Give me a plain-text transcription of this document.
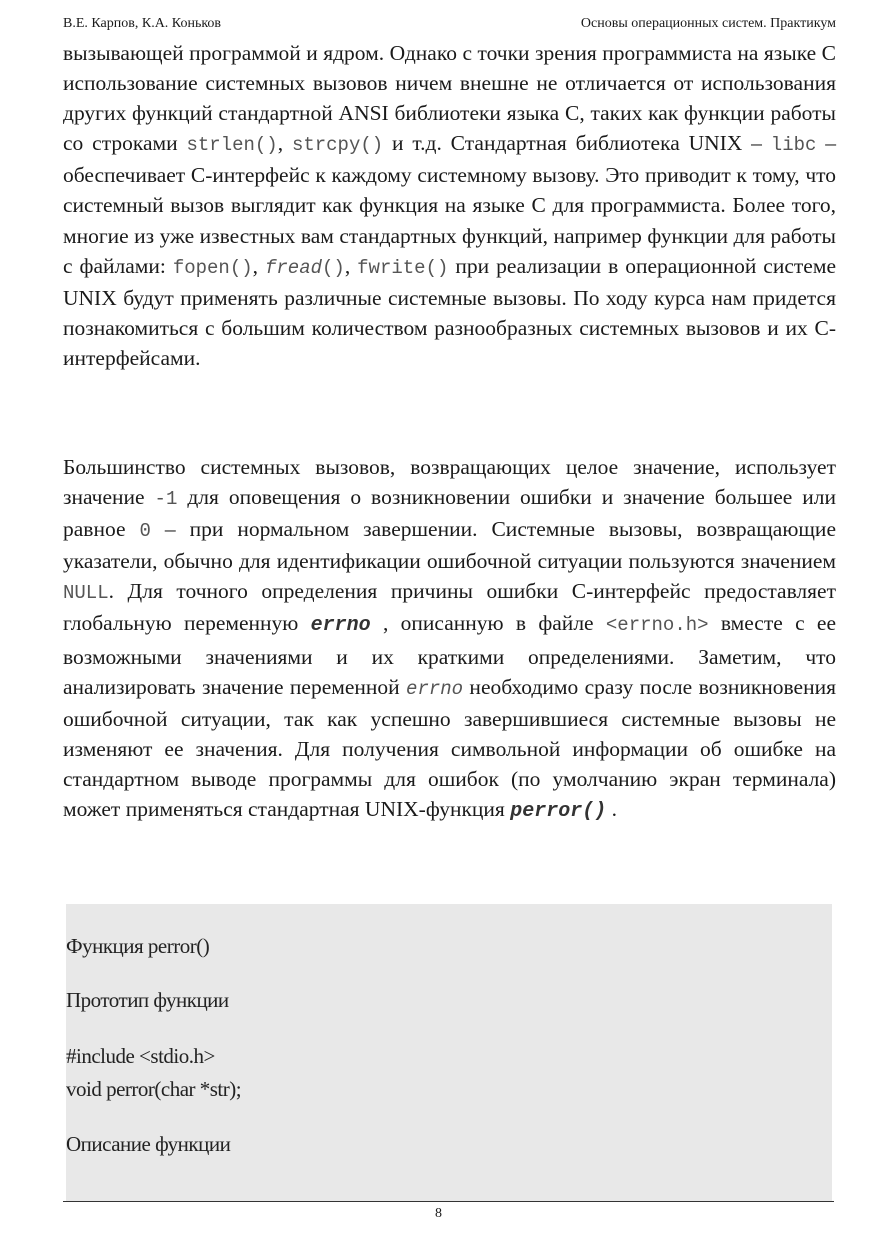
В.Е. Карпов, К.А. Коньков	Основы операционных систем. Практикум

вызывающей программой и ядром. Однако с точки зрения программиста на языке С использование системных вызовов ничем внешне не отличается от использования других функций стандартной ANSI библиотеки языка С, таких как функции работы со строками strlen(), strcpy() и т.д. Стандартная библиотека UNIX – libc – обеспечивает С-интерфейс к каждому системному вызову. Это приводит к тому, что системный вызов выглядит как функция на языке С для программиста. Более того, многие из уже известных вам стандартных функций, например функции для работы с файлами: fopen(), fread(), fwrite() при реализации в операционной системе UNIX будут применять различные системные вызовы. По ходу курса нам придется познакомиться с большим количеством разнообразных системных вызовов и их С-интерфейсами.

Большинство системных вызовов, возвращающих целое значение, использует значение -1 для оповещения о возникновении ошибки и значение большее или равное 0 – при нормальном завершении. Системные вызовы, возвращающие указатели, обычно для идентификации ошибочной ситуации пользуются значением NULL. Для точного определения причины ошибки С-интерфейс предоставляет глобальную переменную errno , описанную в файле <errno.h> вместе с ее возможными значениями и их краткими определениями. Заметим, что анализировать значение переменной errno необходимо сразу после возникновения ошибочной ситуации, так как успешно завершившиеся системные вызовы не изменяют ее значения. Для получения символьной информации об ошибке на стандартном выводе программы для ошибок (по умолчанию экран терминала) может применяться стандартная UNIX-функция perror() .

Функция perror()
Прототип функции
#include <stdio.h>
void perror(char *str);
Описание функции
8
